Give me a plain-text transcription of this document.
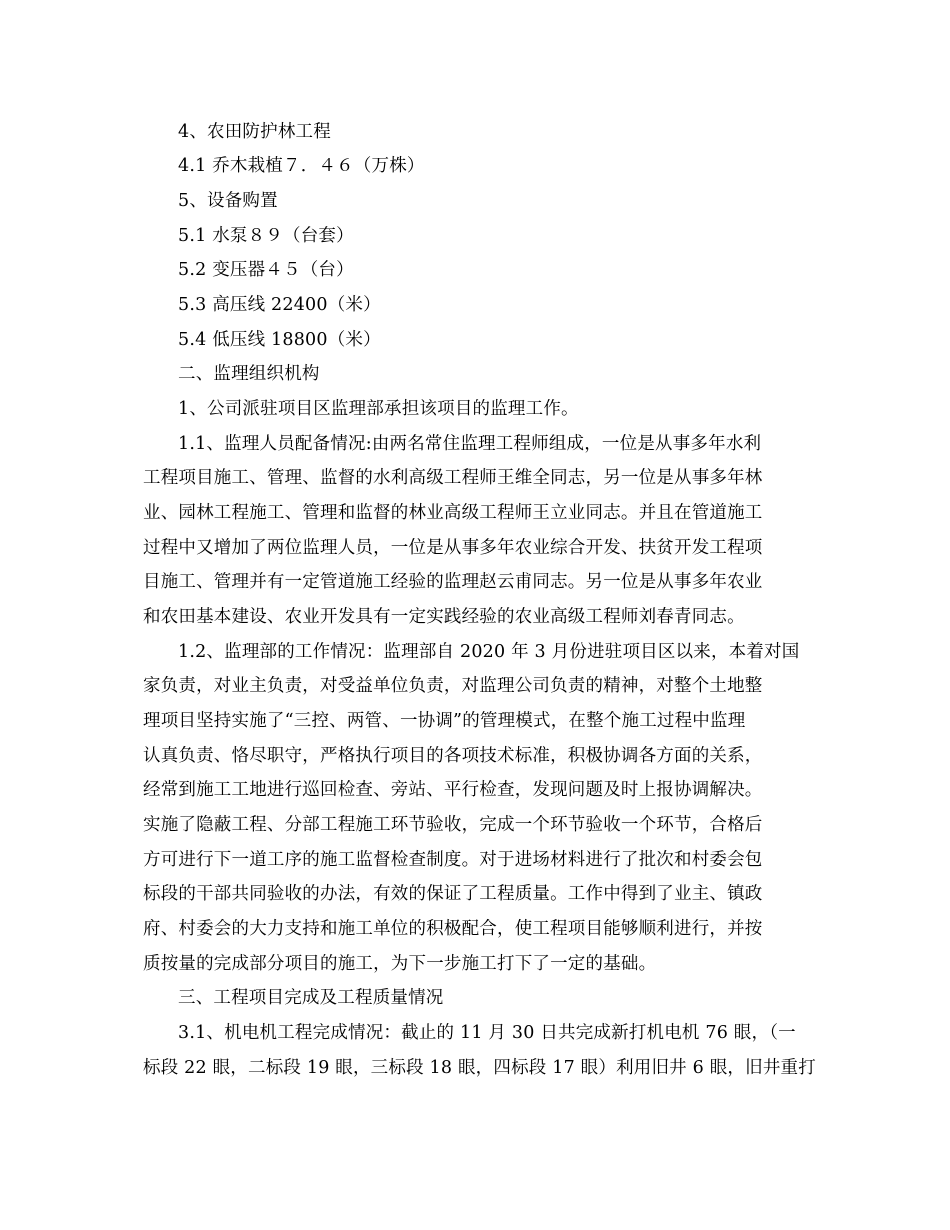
4、农田防护林工程
4.1 乔木栽植７．４６（万株）
5、设备购置
5.1 水泵８９（台套）
5.2 变压器４５（台）
5.3 高压线 22400（米）
5.4 低压线 18800（米）
二、监理组织机构
1、公司派驻项目区监理部承担该项目的监理工作。
1.1、监理人员配备情况:由两名常住监理工程师组成，一位是从事多年水利
工程项目施工、管理、监督的水利高级工程师王维全同志，另一位是从事多年林
业、园林工程施工、管理和监督的林业高级工程师王立业同志。并且在管道施工
过程中又增加了两位监理人员，一位是从事多年农业综合开发、扶贫开发工程项
目施工、管理并有一定管道施工经验的监理赵云甫同志。另一位是从事多年农业
和农田基本建设、农业开发具有一定实践经验的农业高级工程师刘春青同志。
1.2、监理部的工作情况：监理部自 2020 年 3 月份进驻项目区以来，本着对国
家负责，对业主负责，对受益单位负责，对监理公司负责的精神，对整个土地整
理项目坚持实施了“三控、两管、一协调”的管理模式，在整个施工过程中监理
认真负责、恪尽职守，严格执行项目的各项技术标准，积极协调各方面的关系，
经常到施工工地进行巡回检查、旁站、平行检查，发现问题及时上报协调解决。
实施了隐蔽工程、分部工程施工环节验收，完成一个环节验收一个环节，合格后
方可进行下一道工序的施工监督检查制度。对于进场材料进行了批次和村委会包
标段的干部共同验收的办法，有效的保证了工程质量。工作中得到了业主、镇政
府、村委会的大力支持和施工单位的积极配合，使工程项目能够顺利进行，并按
质按量的完成部分项目的施工，为下一步施工打下了一定的基础。
三、工程项目完成及工程质量情况
3.1、机电机工程完成情况：截止的 11 月 30 日共完成新打机电机 76 眼，（一
标段 22 眼，二标段 19 眼，三标段 18 眼，四标段 17 眼）利用旧井 6 眼，旧井重打
